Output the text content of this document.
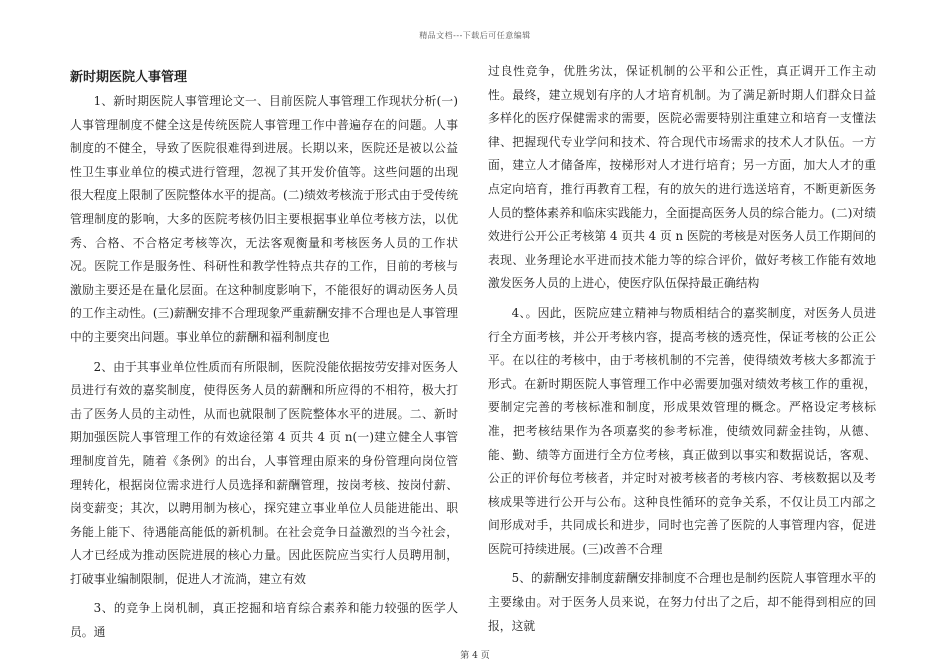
精品文档---下载后可任意编辑
新时期医院人事管理

1、新时期医院人事管理论文一、目前医院人事管理工作现状分析(一)人事管理制度不健全这是传统医院人事管理工作中普遍存在的问题。人事制度的不健全，导致了医院很难得到进展。长期以来，医院还是被以公益性卫生事业单位的模式进行管理，忽视了其开发价值等。这些问题的出现很大程度上限制了医院整体水平的提高。(二)绩效考核流于形式由于受传统管理制度的影响，大多的医院考核仍旧主要根据事业单位考核方法，以优秀、合格、不合格定考核等次，无法客观衡量和考核医务人员的工作状况。医院工作是服务性、科研性和教学性特点共存的工作，目前的考核与激励主要还是在量化层面。在这种制度影响下，不能很好的调动医务人员的工作主动性。(三)薪酬安排不合理现象严重薪酬安排不合理也是人事管理中的主要突出问题。事业单位的薪酬和福利制度也

2、由于其事业单位性质而有所限制，医院没能依据按劳安排对医务人员进行有效的嘉奖制度，使得医务人员的薪酬和所应得的不相符，极大打击了医务人员的主动性，从而也就限制了医院整体水平的进展。二、新时期加强医院人事管理工作的有效途径第 4 页共 4 页 n(一)建立健全人事管理制度首先，随着《条例》的出台，人事管理由原来的身份管理向岗位管理转化，根据岗位需求进行人员选择和薪酬管理，按岗考核、按岗付薪、岗变薪变；其次，以聘用制为核心，探究建立事业单位人员能进能出、职务能上能下、待遇能高能低的新机制。在社会竞争日益激烈的当今社会，人才已经成为推动医院进展的核心力量。因此医院应当实行人员聘用制，打破事业编制限制，促进人才流淌，建立有效

3、的竞争上岗机制，真正挖掘和培育综合素养和能力较强的医学人员。通

过良性竞争，优胜劣汰，保证机制的公平和公正性，真正调开工作主动性。最终，建立规划有序的人才培育机制。为了满足新时期人们群众日益多样化的医疗保健需求的需要，医院必需要特别注重建立和培育一支懂法律、把握现代专业学问和技术、符合现代市场需求的技术人才队伍。一方面，建立人才储备库，按梯形对人才进行培育；另一方面，加大人才的重点定向培育，推行再教育工程，有的放矢的进行选送培育，不断更新医务人员的整体素养和临床实践能力，全面提高医务人员的综合能力。(二)对绩效进行公开公正考核第 4 页共 4 页 n 医院的考核是对医务人员工作期间的表现、业务理论水平进而技术能力等的综合评价，做好考核工作能有效地激发医务人员的上进心，使医疗队伍保持最正确结构

4、。因此，医院应建立精神与物质相结合的嘉奖制度，对医务人员进行全方面考核，并公开考核内容，提高考核的透亮性，保证考核的公正公平。在以往的考核中，由于考核机制的不完善，使得绩效考核大多都流于形式。在新时期医院人事管理工作中必需要加强对绩效考核工作的重视，要制定完善的考核标准和制度，形成果效管理的概念。严格设定考核标准，把考核结果作为各项嘉奖的参考标准，使绩效同薪金挂钩，从德、能、勤、绩等方面进行全方位考核，真正做到以事实和数据说话，客观、公正的评价每位考核者，并定时对被考核者的考核内容、考核数据以及考核成果等进行公开与公布。这种良性循环的竞争关系，不仅让员工内部之间形成对手，共同成长和进步，同时也完善了医院的人事管理内容，促进医院可持续进展。(三)改善不合理

5、的薪酬安排制度薪酬安排制度不合理也是制约医院人事管理水平的主要缘由。对于医务人员来说，在努力付出了之后，却不能得到相应的回报，这就

第 4 页
